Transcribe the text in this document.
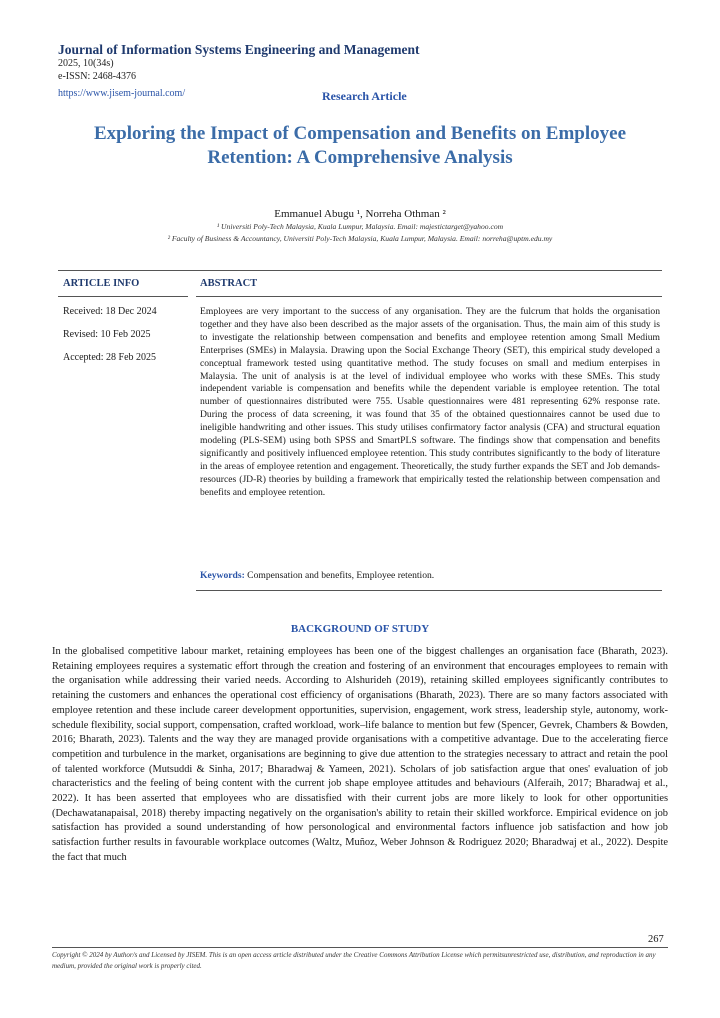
Journal of Information Systems Engineering and Management
2025, 10(34s)
e-ISSN: 2468-4376
https://www.jisem-journal.com/	Research Article
Exploring the Impact of Compensation and Benefits on Employee Retention: A Comprehensive Analysis
Emmanuel Abugu ¹, Norreha Othman ²
¹ Universiti Poly-Tech Malaysia, Kuala Lumpur, Malaysia. Email: majestictarget@yahoo.com
² Faculty of Business & Accountancy, Universiti Poly-Tech Malaysia, Kuala Lumpur, Malaysia. Email: norreha@uptm.edu.my
ARTICLE INFO	ABSTRACT
Received: 18 Dec 2024
Revised: 10 Feb 2025
Accepted: 28 Feb 2025
Employees are very important to the success of any organisation. They are the fulcrum that holds the organisation together and they have also been described as the major assets of the organisation. Thus, the main aim of this study is to investigate the relationship between compensation and benefits and employee retention among Small Medium Enterprises (SMEs) in Malaysia. Drawing upon the Social Exchange Theory (SET), this empirical study developed a conceptual framework tested using quantitative method. The study focuses on small and medium enterpises in Malaysia. The unit of analysis is at the level of individual employee who works with these SMEs. This study independent variable is compensation and benefits while the dependent variable is employee retention. The total number of questionnaires distributed were 755. Usable questionnaires were 481 representing 62% response rate. During the process of data screening, it was found that 35 of the obtained questionnaires cannot be used due to ineligible handwriting and other issues. This study utilises confirmatory factor analysis (CFA) and structural equation modeling (PLS-SEM) using both SPSS and SmartPLS software. The findings show that compensation and benefits significantly and positively influenced employee retention. This study contributes significantly to the body of literature in the areas of employee retention and engagement. Theoretically, the study further expands the SET and Job demands-resources (JD-R) theories by building a framework that empirically tested the relationship between compensation and benefits and employee retention.
Keywords: Compensation and benefits, Employee retention.
BACKGROUND OF STUDY
In the globalised competitive labour market, retaining employees has been one of the biggest challenges an organisation face (Bharath, 2023). Retaining employees requires a systematic effort through the creation and fostering of an environment that encourages employees to remain with the organisation while addressing their varied needs. According to Alshurideh (2019), retaining skilled employees significantly contributes to retaining the customers and enhances the operational cost efficiency of organisations (Bharath, 2023). There are so many factors associated with employee retention and these include career development opportunities, supervision, engagement, work stress, leadership style, autonomy, work-schedule flexibility, social support, compensation, crafted workload, work–life balance to mention but few (Spencer, Gevrek, Chambers & Bowden, 2016; Bharath, 2023). Talents and the way they are managed provide organisations with a competitive advantage. Due to the accelerating fierce competition and turbulence in the market, organisations are beginning to give due attention to the strategies necessary to attract and retain the pool of talented workforce (Mutsuddi & Sinha, 2017; Bharadwaj & Yameen, 2021). Scholars of job satisfaction argue that ones' evaluation of job characteristics and the feeling of being content with the current job shape employee attitudes and behaviours (Alferaih, 2017; Bharadwaj et al., 2022). It has been asserted that employees who are dissatisfied with their current jobs are more likely to look for other opportunities (Dechawatanapaisal, 2018) thereby impacting negatively on the organisation's ability to retain their skilled workforce. Empirical evidence on job satisfaction has provided a sound understanding of how personological and environmental factors influence job satisfaction and how job satisfaction further results in favourable workplace outcomes (Waltz, Muñoz, Weber Johnson & Rodriguez 2020; Bharadwaj et al., 2022). Despite the fact that much
267
Copyright © 2024 by Author/s and Licensed by JISEM. This is an open access article distributed under the Creative Commons Attribution License which permitsunrestricted use, distribution, and reproduction in any medium, provided the original work is properly cited.
